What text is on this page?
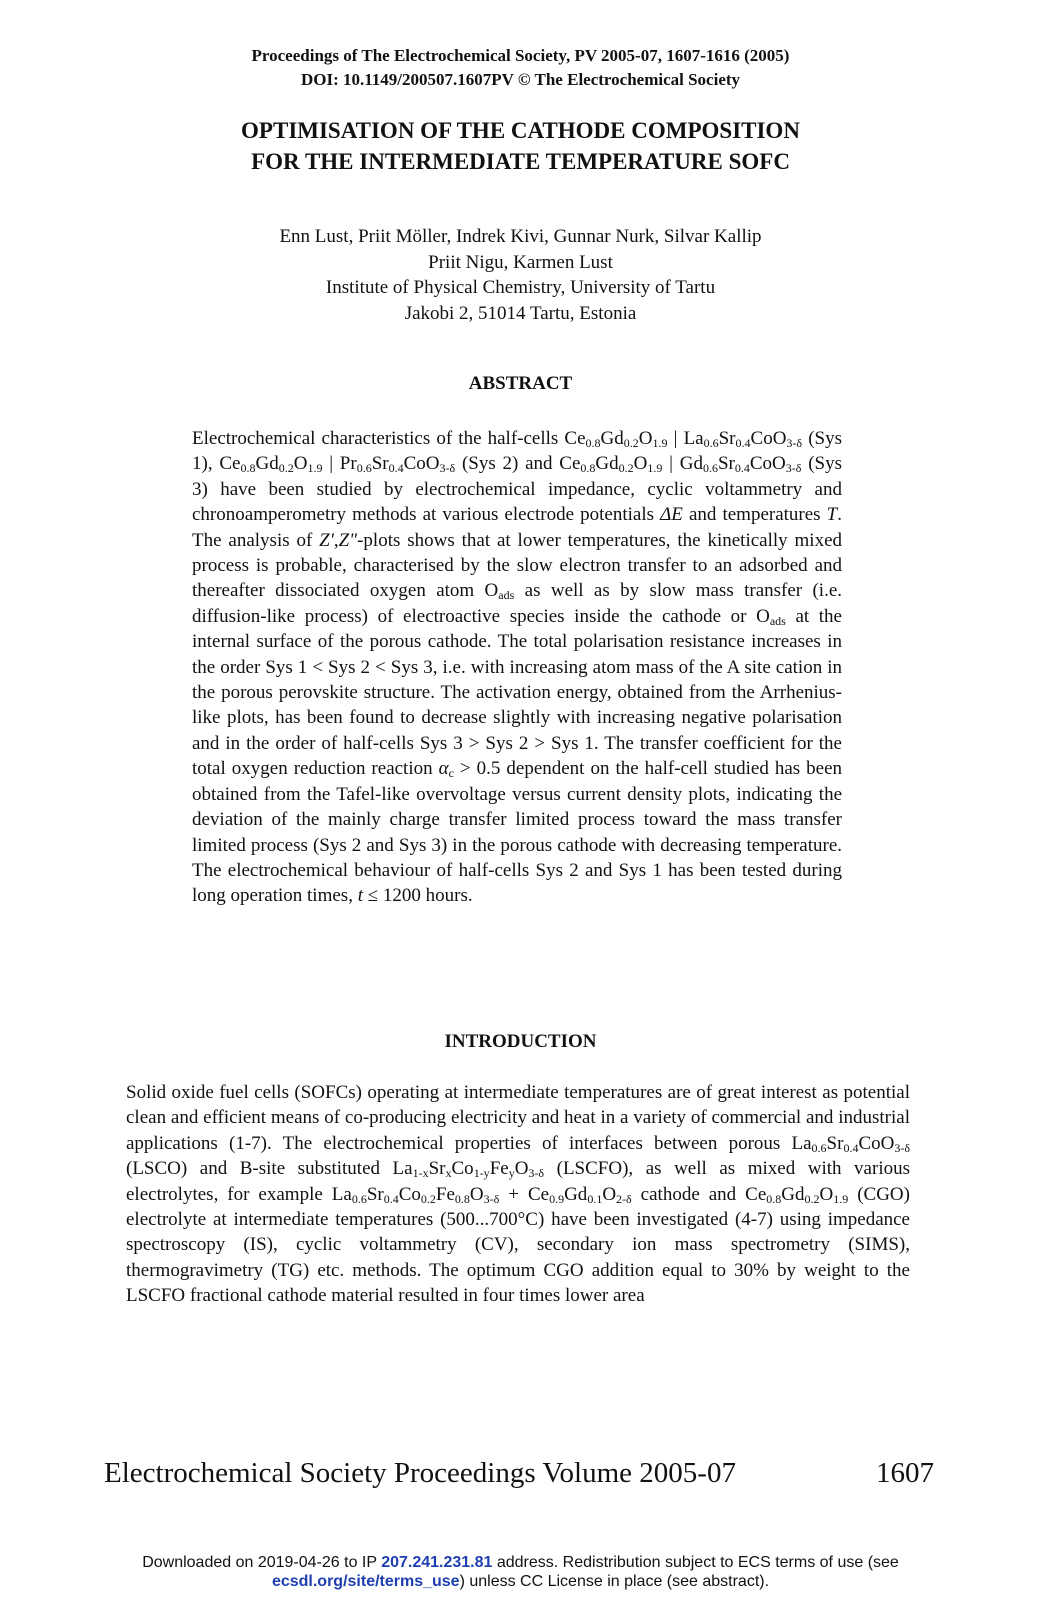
Proceedings of The Electrochemical Society, PV 2005-07, 1607-1616 (2005)
DOI: 10.1149/200507.1607PV © The Electrochemical Society
OPTIMISATION OF THE CATHODE COMPOSITION
FOR THE INTERMEDIATE TEMPERATURE SOFC
Enn Lust, Priit Möller, Indrek Kivi, Gunnar Nurk, Silvar Kallip
Priit Nigu, Karmen Lust
Institute of Physical Chemistry, University of Tartu
Jakobi 2, 51014 Tartu, Estonia
ABSTRACT

Electrochemical characteristics of the half-cells $Ce_{0.8}Gd_{0.2}O_{1.9}$ | $La_{0.6}Sr_{0.4}CoO_{3-\delta}$ (Sys 1), $Ce_{0.8}Gd_{0.2}O_{1.9}$ | $Pr_{0.6}Sr_{0.4}CoO_{3-\delta}$ (Sys 2) and $Ce_{0.8}Gd_{0.2}O_{1.9}$ | $Gd_{0.6}Sr_{0.4}CoO_{3-\delta}$ (Sys 3) have been studied by electrochemical impedance, cyclic voltammetry and chronoamperometry methods at various electrode potentials ΔE and temperatures T. The analysis of Z',Z"-plots shows that at lower temperatures, the kinetically mixed process is probable, characterised by the slow electron transfer to an adsorbed and thereafter dissociated oxygen atom $O_{ads}$ as well as by slow mass transfer (i.e. diffusion-like process) of electroactive species inside the cathode or $O_{ads}$ at the internal surface of the porous cathode. The total polarisation resistance increases in the order Sys 1 < Sys 2 < Sys 3, i.e. with increasing atom mass of the A site cation in the porous perovskite structure. The activation energy, obtained from the Arrhenius-like plots, has been found to decrease slightly with increasing negative polarisation and in the order of half-cells Sys 3 > Sys 2 > Sys 1. The transfer coefficient for the total oxygen reduction reaction $\alpha_c > 0.5$ dependent on the half-cell studied has been obtained from the Tafel-like overvoltage versus current density plots, indicating the deviation of the mainly charge transfer limited process toward the mass transfer limited process (Sys 2 and Sys 3) in the porous cathode with decreasing temperature. The electrochemical behaviour of half-cells Sys 2 and Sys 1 has been tested during long operation times, t ≤ 1200 hours.

INTRODUCTION

Solid oxide fuel cells (SOFCs) operating at intermediate temperatures are of great interest as potential clean and efficient means of co-producing electricity and heat in a variety of commercial and industrial applications (1-7). The electrochemical properties of interfaces between porous $La_{0.6}Sr_{0.4}CoO_{3-\delta}$ (LSCO) and B-site substituted $La_{1-x}Sr_xCo_{1-y}Fe_yO_{3-\delta}$ (LSCFO), as well as mixed with various electrolytes, for example $La_{0.6}Sr_{0.4}Co_{0.2}Fe_{0.8}O_{3-\delta} + Ce_{0.9}Gd_{0.1}O_{2-\delta}$ cathode and $Ce_{0.8}Gd_{0.2}O_{1.9}$ (CGO) electrolyte at intermediate temperatures (500...700°C) have been investigated (4-7) using impedance spectroscopy (IS), cyclic voltammetry (CV), secondary ion mass spectrometry (SIMS), thermogravimetry (TG) etc. methods. The optimum CGO addition equal to 30% by weight to the LSCFO fractional cathode material resulted in four times lower area

Electrochemical Society Proceedings Volume 2005-07	1607
Downloaded on 2019-04-26 to IP 207.241.231.81 address. Redistribution subject to ECS terms of use (see
ecsdl.org/site/terms_use) unless CC License in place (see abstract).
